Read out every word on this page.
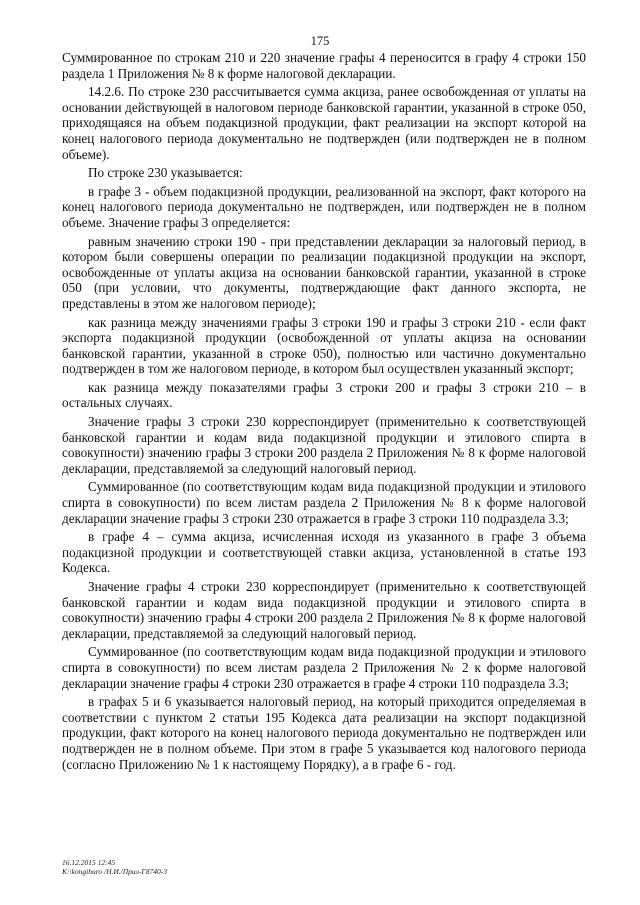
175

Суммированное по строкам 210 и 220 значение графы 4 переносится в графу 4 строки 150 раздела 1 Приложения № 8 к форме налоговой декларации.

14.2.6. По строке 230 рассчитывается сумма акциза, ранее освобожденная от уплаты на основании действующей в налоговом периоде банковской гарантии, указанной в строке 050, приходящаяся на объем подакцизной продукции, факт реализации на экспорт которой на конец налогового периода документально не подтвержден (или подтвержден не в полном объеме).

По строке 230 указывается:

в графе 3 - объем подакцизной продукции, реализованной на экспорт, факт которого на конец налогового периода документально не подтвержден, или подтвержден не в полном объеме. Значение графы 3 определяется:

равным значению строки 190 - при представлении декларации за налоговый период, в котором были совершены операции по реализации подакцизной продукции на экспорт, освобожденные от уплаты акциза на основании банковской гарантии, указанной в строке 050 (при условии, что документы, подтверждающие факт данного экспорта, не представлены в этом же налоговом периоде);

как разница между значениями графы 3 строки 190 и графы 3 строки 210 - если факт экспорта подакцизной продукции (освобожденной от уплаты акциза на основании банковской гарантии, указанной в строке 050), полностью или частично документально подтвержден в том же налоговом периоде, в котором был осуществлен указанный экспорт;

как разница между показателями графы 3 строки 200 и графы 3 строки 210 – в остальных случаях.

Значение графы 3 строки 230 корреспондирует (применительно к соответствующей банковской гарантии и кодам вида подакцизной продукции и этилового спирта в совокупности) значению графы 3 строки 200 раздела 2 Приложения № 8 к форме налоговой декларации, представляемой за следующий налоговый период.

Суммированное (по соответствующим кодам вида подакцизной продукции и этилового спирта в совокупности) по всем листам раздела 2 Приложения № 8 к форме налоговой декларации значение графы 3 строки 230 отражается в графе 3 строки 110 подраздела 3.3;

в графе 4 – сумма акциза, исчисленная исходя из указанного в графе 3 объема подакцизной продукции и соответствующей ставки акциза, установленной в статье 193 Кодекса.

Значение графы 4 строки 230 корреспондирует (применительно к соответствующей банковской гарантии и кодам вида подакцизной продукции и этилового спирта в совокупности) значению графы 4 строки 200 раздела 2 Приложения № 8 к форме налоговой декларации, представляемой за следующий налоговый период.

Суммированное (по соответствующим кодам вида подакцизной продукции и этилового спирта в совокупности) по всем листам раздела 2 Приложения № 2 к форме налоговой декларации значение графы 4 строки 230 отражается в графе 4 строки 110 подраздела 3.3;

в графах 5 и 6 указывается налоговый период, на который приходится определяемая в соответствии с пунктом 2 статьи 195 Кодекса дата реализации на экспорт подакцизной продукции, факт которого на конец налогового периода документально не подтвержден или подтвержден не в полном объеме. При этом в графе 5 указывается код налогового периода (согласно Приложению № 1 к настоящему Порядку), а в графе 6 - год.

16.12.2015 12:45
К:\kongihuro /Н.И./Прил-Г8740-3
